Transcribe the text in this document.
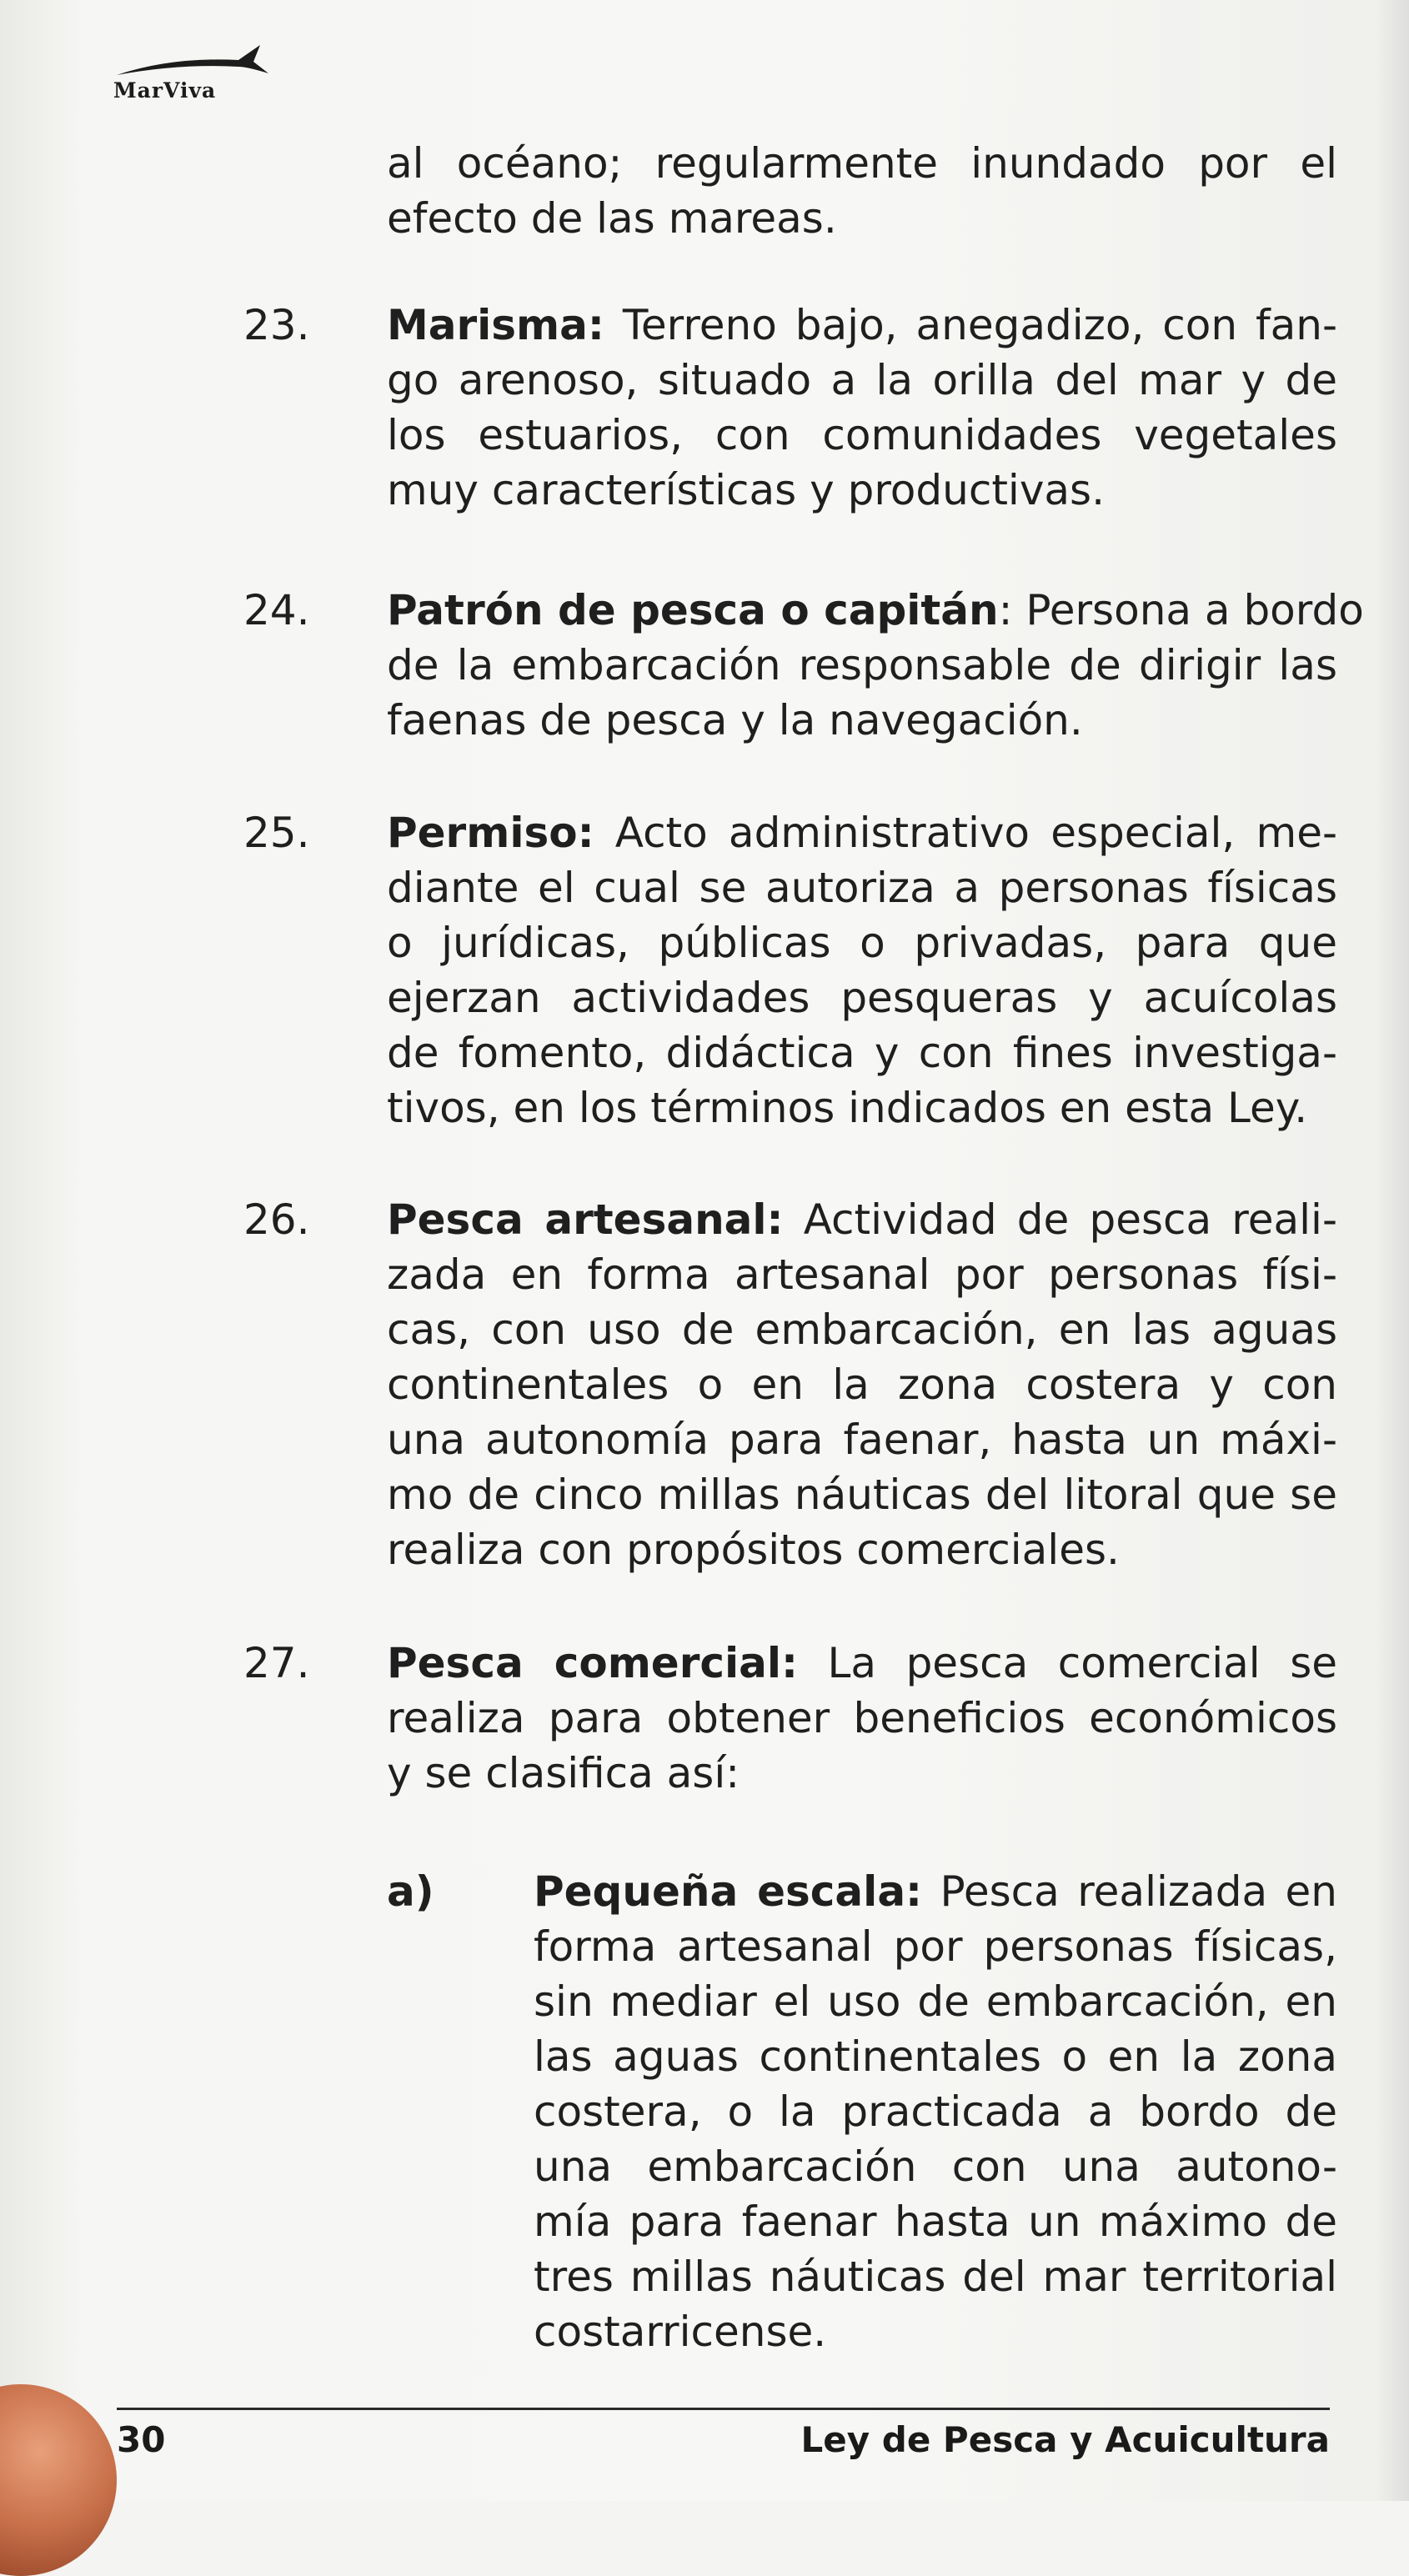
MarViva
al océano; regularmente inundado por el
efecto de las mareas.
23. Marisma: Terreno bajo, anegadizo, con fan-
go arenoso, situado a la orilla del mar y de
los estuarios, con comunidades vegetales
muy características y productivas.
24. Patrón de pesca o capitán: Persona a bordo
de la embarcación responsable de dirigir las
faenas de pesca y la navegación.
25. Permiso: Acto administrativo especial, me-
diante el cual se autoriza a personas físicas
o jurídicas, públicas o privadas, para que
ejerzan actividades pesqueras y acuícolas
de fomento, didáctica y con fines investiga-
tivos, en los términos indicados en esta Ley.
26. Pesca artesanal: Actividad de pesca reali-
zada en forma artesanal por personas físi-
cas, con uso de embarcación, en las aguas
continentales o en la zona costera y con
una autonomía para faenar, hasta un máxi-
mo de cinco millas náuticas del litoral que se
realiza con propósitos comerciales.
27. Pesca comercial: La pesca comercial se
realiza para obtener beneficios económicos
y se clasifica así:
a) Pequeña escala: Pesca realizada en
forma artesanal por personas físicas,
sin mediar el uso de embarcación, en
las aguas continentales o en la zona
costera, o la practicada a bordo de
una embarcación con una autono-
mía para faenar hasta un máximo de
tres millas náuticas del mar territorial
costarricense.
30	Ley de Pesca y Acuicultura
